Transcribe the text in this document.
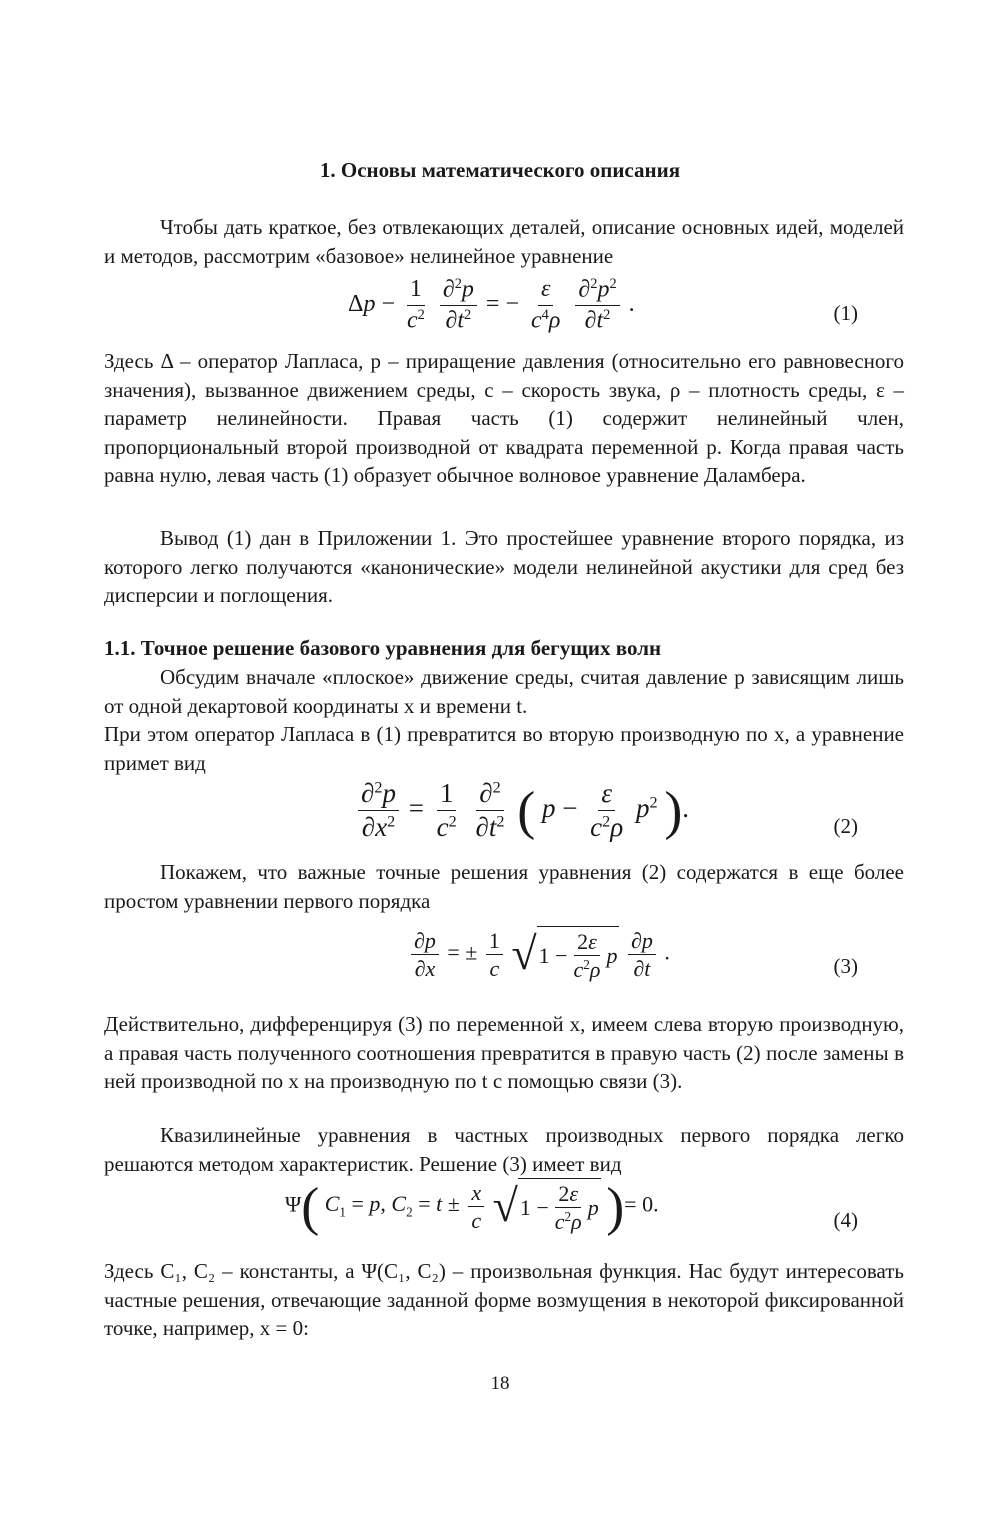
1. Основы математического описания

Чтобы дать краткое, без отвлекающих деталей, описание основных идей, моделей и методов, рассмотрим «базовое» нелинейное уравнение

$\Delta p - \frac{1}{c^2}$
$\frac{\partial^2p}{\partial t^2}$ = − $\frac{\varepsilon}{c^4\rho}$
$\frac{\partial^2p^2}{\partial t^2}$ .	(1)

Здесь Δ – оператор Лапласа, p – приращение давления (относительно его равновесного значения), вызванное движением среды, c – скорость звука, ρ – плотность среды, ε – параметр нелинейности. Правая часть (1) содержит нелинейный член, пропорциональный второй производной от квадрата переменной p. Когда правая часть равна нулю, левая часть (1) образует обычное волновое уравнение Даламбера.

Вывод (1) дан в Приложении 1. Это простейшее уравнение второго порядка, из которого легко получаются «канонические» модели нелинейной акустики для сред без дисперсии и поглощения.

1.1. Точное решение базового уравнения для бегущих волн

Обсудим вначале «плоское» движение среды, считая давление p зависящим лишь от одной декартовой координаты x и времени t.

При этом оператор Лапласа в (1) превратится во вторую производную по x, а уравнение примет вид

$\frac{\partial^2p}{\partial x^2} = \frac{1}{c^2}$
$\frac{\partial^2}{\partial t^2}$ ( $p - \frac{\varepsilon}{c^2\rho} p^2$ ).
(2)

Покажем, что важные точные решения уравнения (2) содержатся в еще более простом уравнении первого порядка

$\frac{\partial p}{\partial x}$ = ± $\frac{1}{c}$
√ $1 - \frac{2\varepsilon}{c^2\rho}$ p
$\frac{\partial p}{\partial t}$ .
(3)

Действительно, дифференцируя (3) по переменной x, имеем слева вторую производную, а правая часть полученного соотношения превратится в правую часть (2) после замены в ней производной по x на производную по t с помощью связи (3).

Квазилинейные уравнения в частных производных первого порядка легко решаются методом характеристик. Решение (3) имеет вид

Ψ( $C_1 = p$, $C_2 = t \pm \frac{x}{c}$
√ $1 - \frac{2\varepsilon}{c^2\rho}$ p )= 0.
(4)

Здесь C₁, C₂ – константы, а Ψ(C₁, C₂) – произвольная функция. Нас будут интересовать частные решения, отвечающие заданной форме возмущения в некоторой фиксированной точке, например, x = 0:

18
